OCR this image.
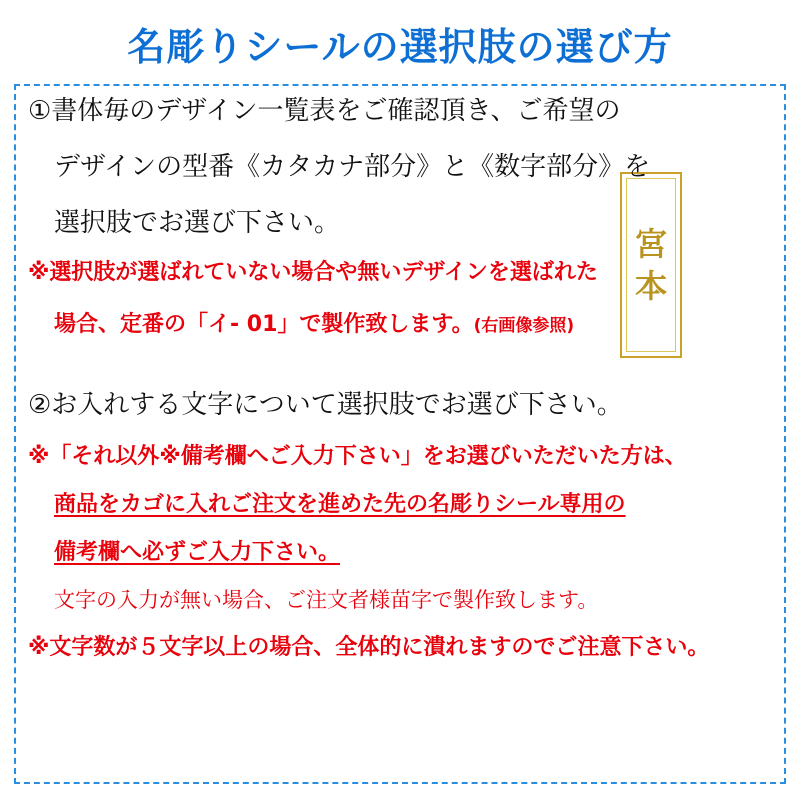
名彫りシールの選択肢の選び方
宮
本
①書体毎のデザイン一覧表をご確認頂き、ご希望の
デザインの型番《カタカナ部分》と《数字部分》を
選択肢でお選び下さい。
※選択肢が選ばれていない場合や無いデザインを選ばれた
場合、定番の「イ- 01」で製作致します。(右画像参照)
②お入れする文字について選択肢でお選び下さい。
※「それ以外※備考欄へご入力下さい」をお選びいただいた方は、
商品をカゴに入れご注文を進めた先の名彫りシール専用の
備考欄へ必ずご入力下さい。
文字の入力が無い場合、ご注文者様苗字で製作致します。
※文字数が５文字以上の場合、全体的に潰れますのでご注意下さい。
